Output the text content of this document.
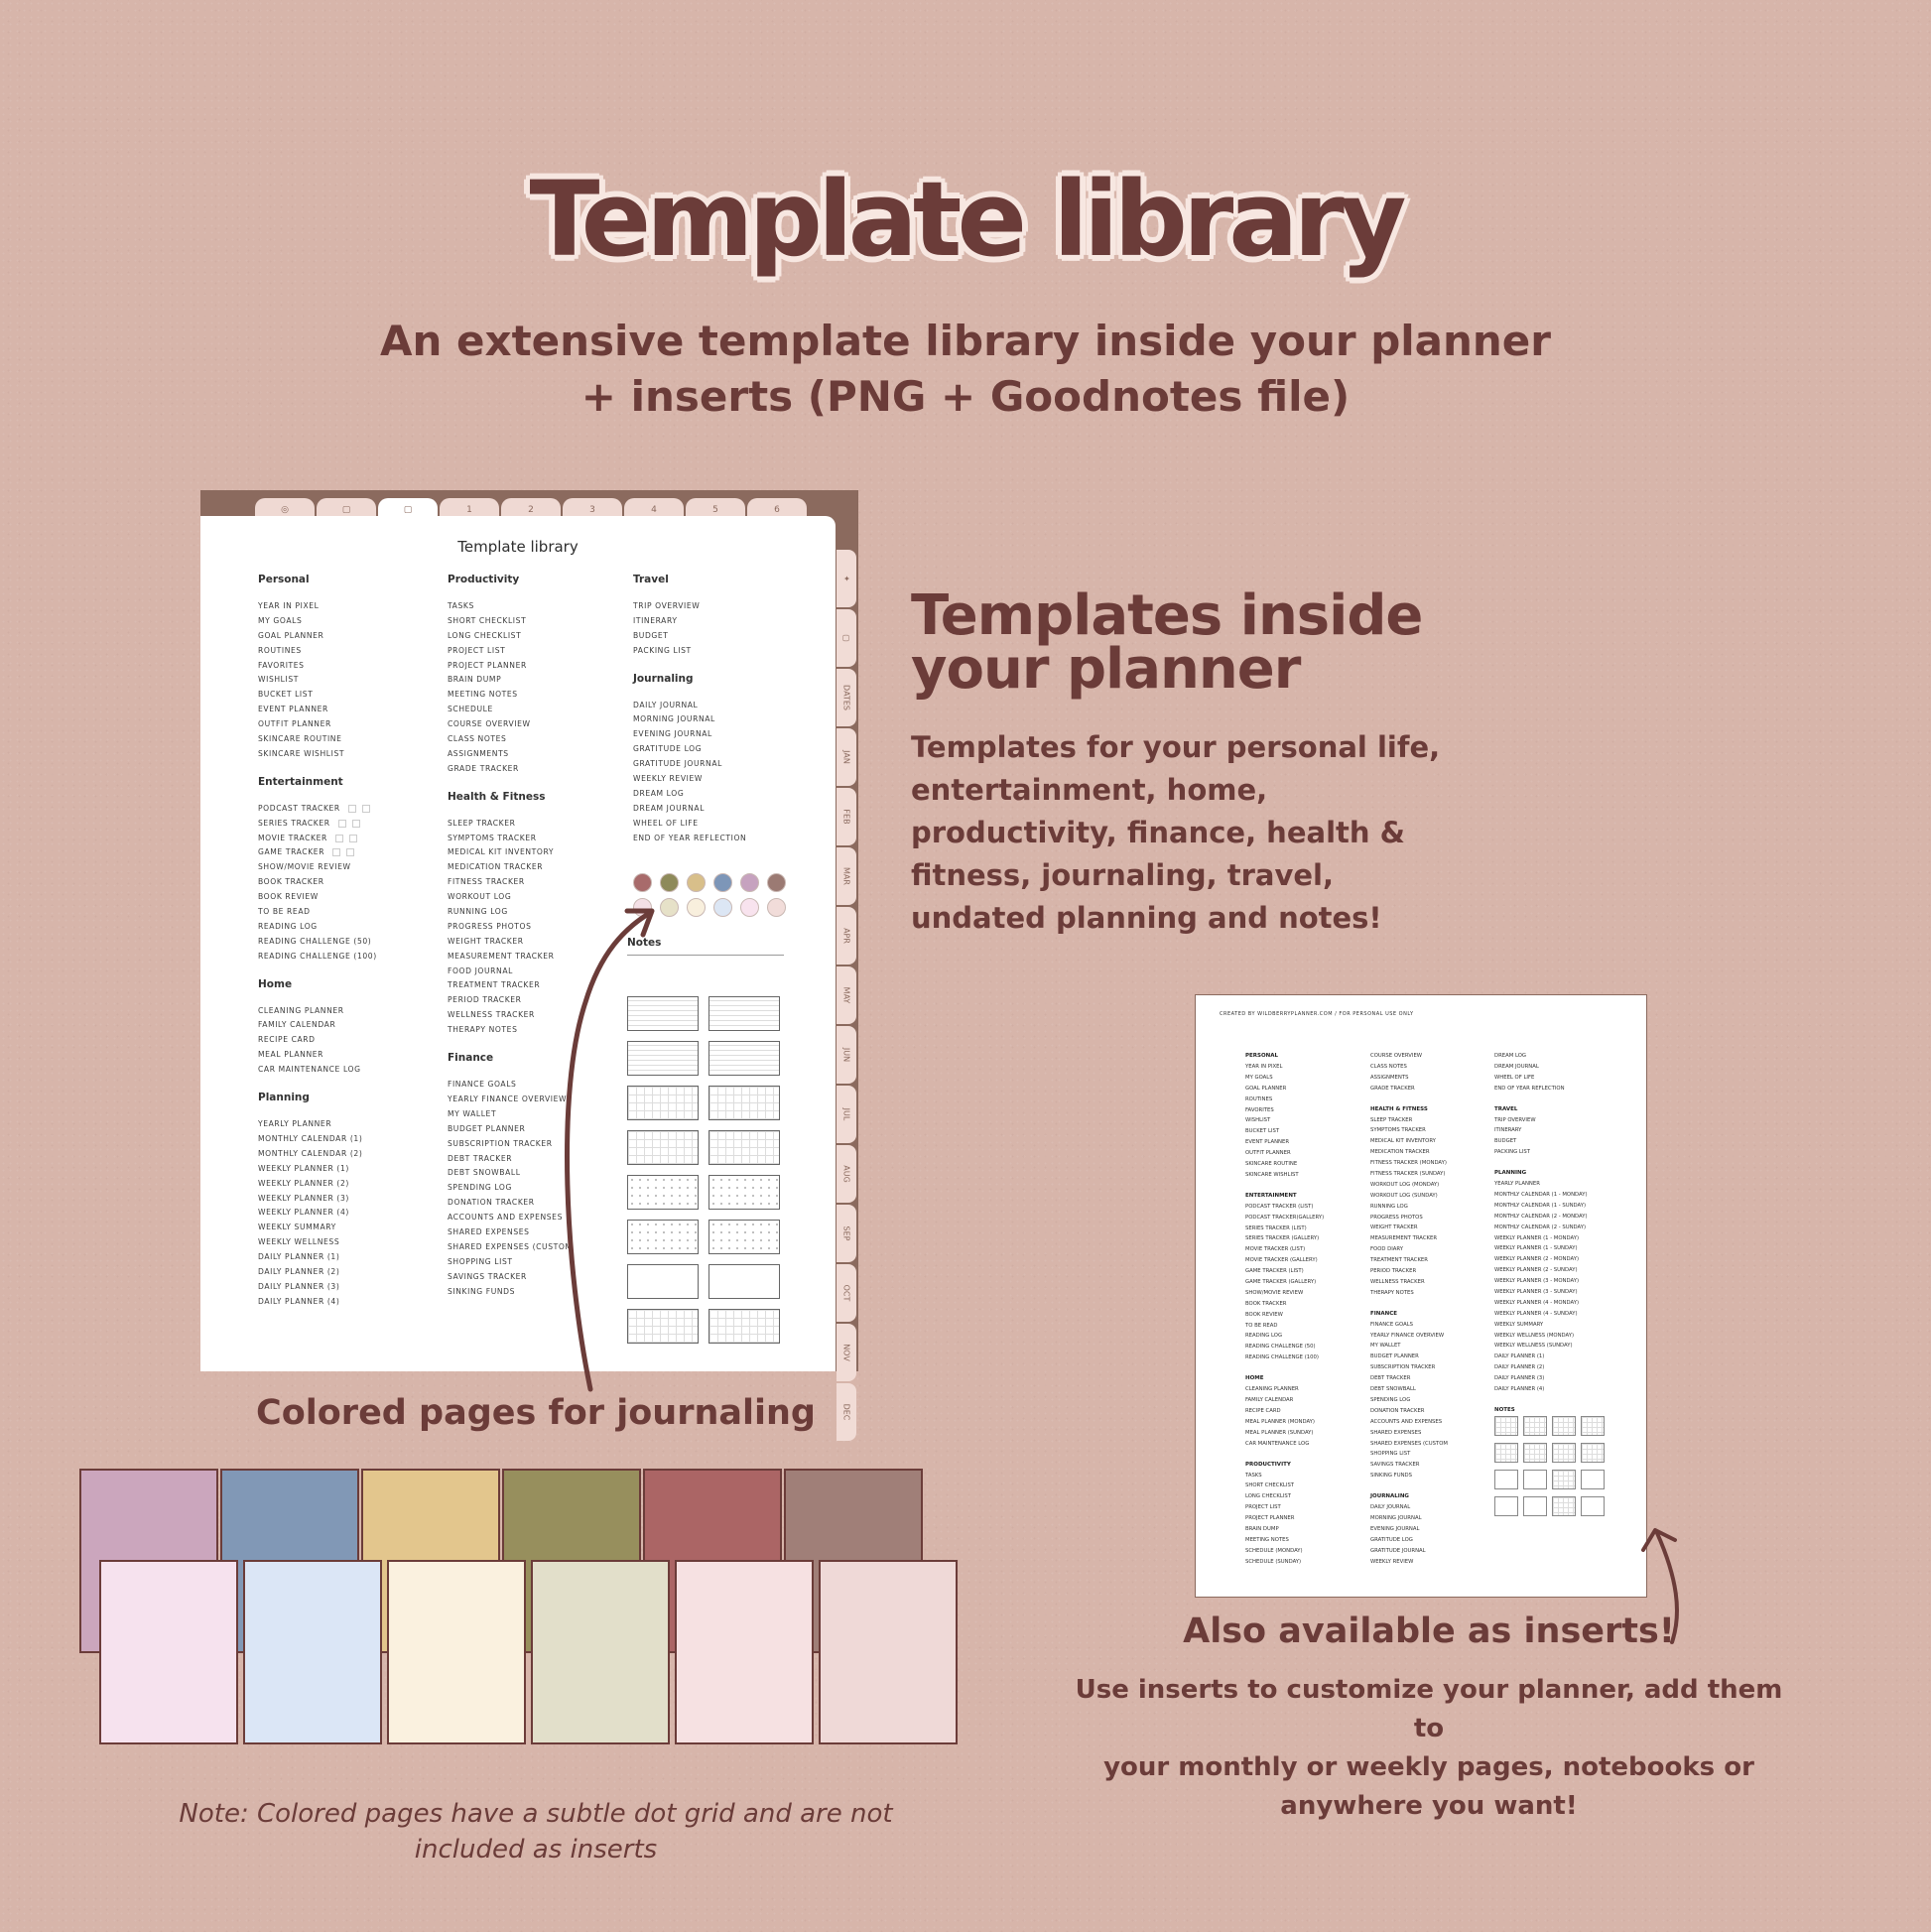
Template library
An extensive template library inside your planner
+ inserts (PNG + Goodnotes file)
◎	▢	▢	1	2	3	4	5	6
✦
▢
DATES
JAN
FEB
MAR
APR
MAY
JUN
JUL
AUG
SEP
OCT
NOV
DEC
Template library
Personal
YEAR IN PIXEL
MY GOALS
GOAL PLANNER
ROUTINES
FAVORITES
WISHLIST
BUCKET LIST
EVENT PLANNER
OUTFIT PLANNER
SKINCARE ROUTINE
SKINCARE WISHLIST
Entertainment
PODCAST TRACKER
SERIES TRACKER
MOVIE TRACKER
GAME TRACKER
SHOW/MOVIE REVIEW
BOOK TRACKER
BOOK REVIEW
TO BE READ
READING LOG
READING CHALLENGE (50)
READING CHALLENGE (100)
Home
CLEANING PLANNER
FAMILY CALENDAR
RECIPE CARD
MEAL PLANNER
CAR MAINTENANCE LOG
Planning
YEARLY PLANNER
MONTHLY CALENDAR (1)
MONTHLY CALENDAR (2)
WEEKLY PLANNER (1)
WEEKLY PLANNER (2)
WEEKLY PLANNER (3)
WEEKLY PLANNER (4)
WEEKLY SUMMARY
WEEKLY WELLNESS
DAILY PLANNER (1)
DAILY PLANNER (2)
DAILY PLANNER (3)
DAILY PLANNER (4)
Productivity
TASKS
SHORT CHECKLIST
LONG CHECKLIST
PROJECT LIST
PROJECT PLANNER
BRAIN DUMP
MEETING NOTES
SCHEDULE
COURSE OVERVIEW
CLASS NOTES
ASSIGNMENTS
GRADE TRACKER
Health & Fitness
SLEEP TRACKER
SYMPTOMS TRACKER
MEDICAL KIT INVENTORY
MEDICATION TRACKER
FITNESS TRACKER
WORKOUT LOG
RUNNING LOG
PROGRESS PHOTOS
WEIGHT TRACKER
MEASUREMENT TRACKER
FOOD JOURNAL
TREATMENT TRACKER
PERIOD TRACKER
WELLNESS TRACKER
THERAPY NOTES
Finance
FINANCE GOALS
YEARLY FINANCE OVERVIEW
MY WALLET
BUDGET PLANNER
SUBSCRIPTION TRACKER
DEBT TRACKER
DEBT SNOWBALL
SPENDING LOG
DONATION TRACKER
ACCOUNTS AND EXPENSES
SHARED EXPENSES
SHARED EXPENSES (CUSTOM
SHOPPING LIST
SAVINGS TRACKER
SINKING FUNDS
Travel
TRIP OVERVIEW
ITINERARY
BUDGET
PACKING LIST
Journaling
DAILY JOURNAL
MORNING JOURNAL
EVENING JOURNAL
GRATITUDE LOG
GRATITUDE JOURNAL
WEEKLY REVIEW
DREAM LOG
DREAM JOURNAL
WHEEL OF LIFE
END OF YEAR REFLECTION
Notes
Templates inside
your planner
Templates for your personal life, entertainment, home, productivity, finance, health & fitness, journaling, travel, undated planning and notes!
Colored pages for journaling
Note: Colored pages have a subtle dot grid and are not
included as inserts
CREATED BY WILDBERRYPLANNER.COM / FOR PERSONAL USE ONLY
PERSONAL
YEAR IN PIXEL
MY GOALS
GOAL PLANNER
ROUTINES
FAVORITES
WISHLIST
BUCKET LIST
EVENT PLANNER
OUTFIT PLANNER
SKINCARE ROUTINE
SKINCARE WISHLIST
ENTERTAINMENT
PODCAST TRACKER (LIST)
PODCAST TRACKER(GALLERY)
SERIES TRACKER (LIST)
SERIES TRACKER (GALLERY)
MOVIE TRACKER (LIST)
MOVIE TRACKER (GALLERY)
GAME TRACKER (LIST)
GAME TRACKER (GALLERY)
SHOW/MOVIE REVIEW
BOOK TRACKER
BOOK REVIEW
TO BE READ
READING LOG
READING CHALLENGE (50)
READING CHALLENGE (100)
HOME
CLEANING PLANNER
FAMILY CALENDAR
RECIPE CARD
MEAL PLANNER (MONDAY)
MEAL PLANNER (SUNDAY)
CAR MAINTENANCE LOG
PRODUCTIVITY
TASKS
SHORT CHECKLIST
LONG CHECKLIST
PROJECT LIST
PROJECT PLANNER
BRAIN DUMP
MEETING NOTES
SCHEDULE (MONDAY)
SCHEDULE (SUNDAY)
COURSE OVERVIEW
CLASS NOTES
ASSIGNMENTS
GRADE TRACKER
HEALTH & FITNESS
SLEEP TRACKER
SYMPTOMS TRACKER
MEDICAL KIT INVENTORY
MEDICATION TRACKER
FITNESS TRACKER (MONDAY)
FITNESS TRACKER (SUNDAY)
WORKOUT LOG (MONDAY)
WORKOUT LOG (SUNDAY)
RUNNING LOG
PROGRESS PHOTOS
WEIGHT TRACKER
MEASUREMENT TRACKER
FOOD DIARY
TREATMENT TRACKER
PERIOD TRACKER
WELLNESS TRACKER
THERAPY NOTES
FINANCE
FINANCE GOALS
YEARLY FINANCE OVERVIEW
MY WALLET
BUDGET PLANNER
SUBSCRIPTION TRACKER
DEBT TRACKER
DEBT SNOWBALL
SPENDING LOG
DONATION TRACKER
ACCOUNTS AND EXPENSES
SHARED EXPENSES
SHARED EXPENSES (CUSTOM
SHOPPING LIST
SAVINGS TRACKER
SINKING FUNDS
JOURNALING
DAILY JOURNAL
MORNING JOURNAL
EVENING JOURNAL
GRATITUDE LOG
GRATITUDE JOURNAL
WEEKLY REVIEW
DREAM LOG
DREAM JOURNAL
WHEEL OF LIFE
END OF YEAR REFLECTION
TRAVEL
TRIP OVERVIEW
ITINERARY
BUDGET
PACKING LIST
PLANNING
YEARLY PLANNER
MONTHLY CALENDAR (1 - MONDAY)
MONTHLY CALENDAR (1 - SUNDAY)
MONTHLY CALENDAR (2 - MONDAY)
MONTHLY CALENDAR (2 - SUNDAY)
WEEKLY PLANNER (1 - MONDAY)
WEEKLY PLANNER (1 - SUNDAY)
WEEKLY PLANNER (2 - MONDAY)
WEEKLY PLANNER (2 - SUNDAY)
WEEKLY PLANNER (3 - MONDAY)
WEEKLY PLANNER (3 - SUNDAY)
WEEKLY PLANNER (4 - MONDAY)
WEEKLY PLANNER (4 - SUNDAY)
WEEKLY SUMMARY
WEEKLY WELLNESS (MONDAY)
WEEKLY WELLNESS (SUNDAY)
DAILY PLANNER (1)
DAILY PLANNER (2)
DAILY PLANNER (3)
DAILY PLANNER (4)
NOTES
Also available as inserts!
Use inserts to customize your planner, add them to
your monthly or weekly pages, notebooks or
anywhere you want!
